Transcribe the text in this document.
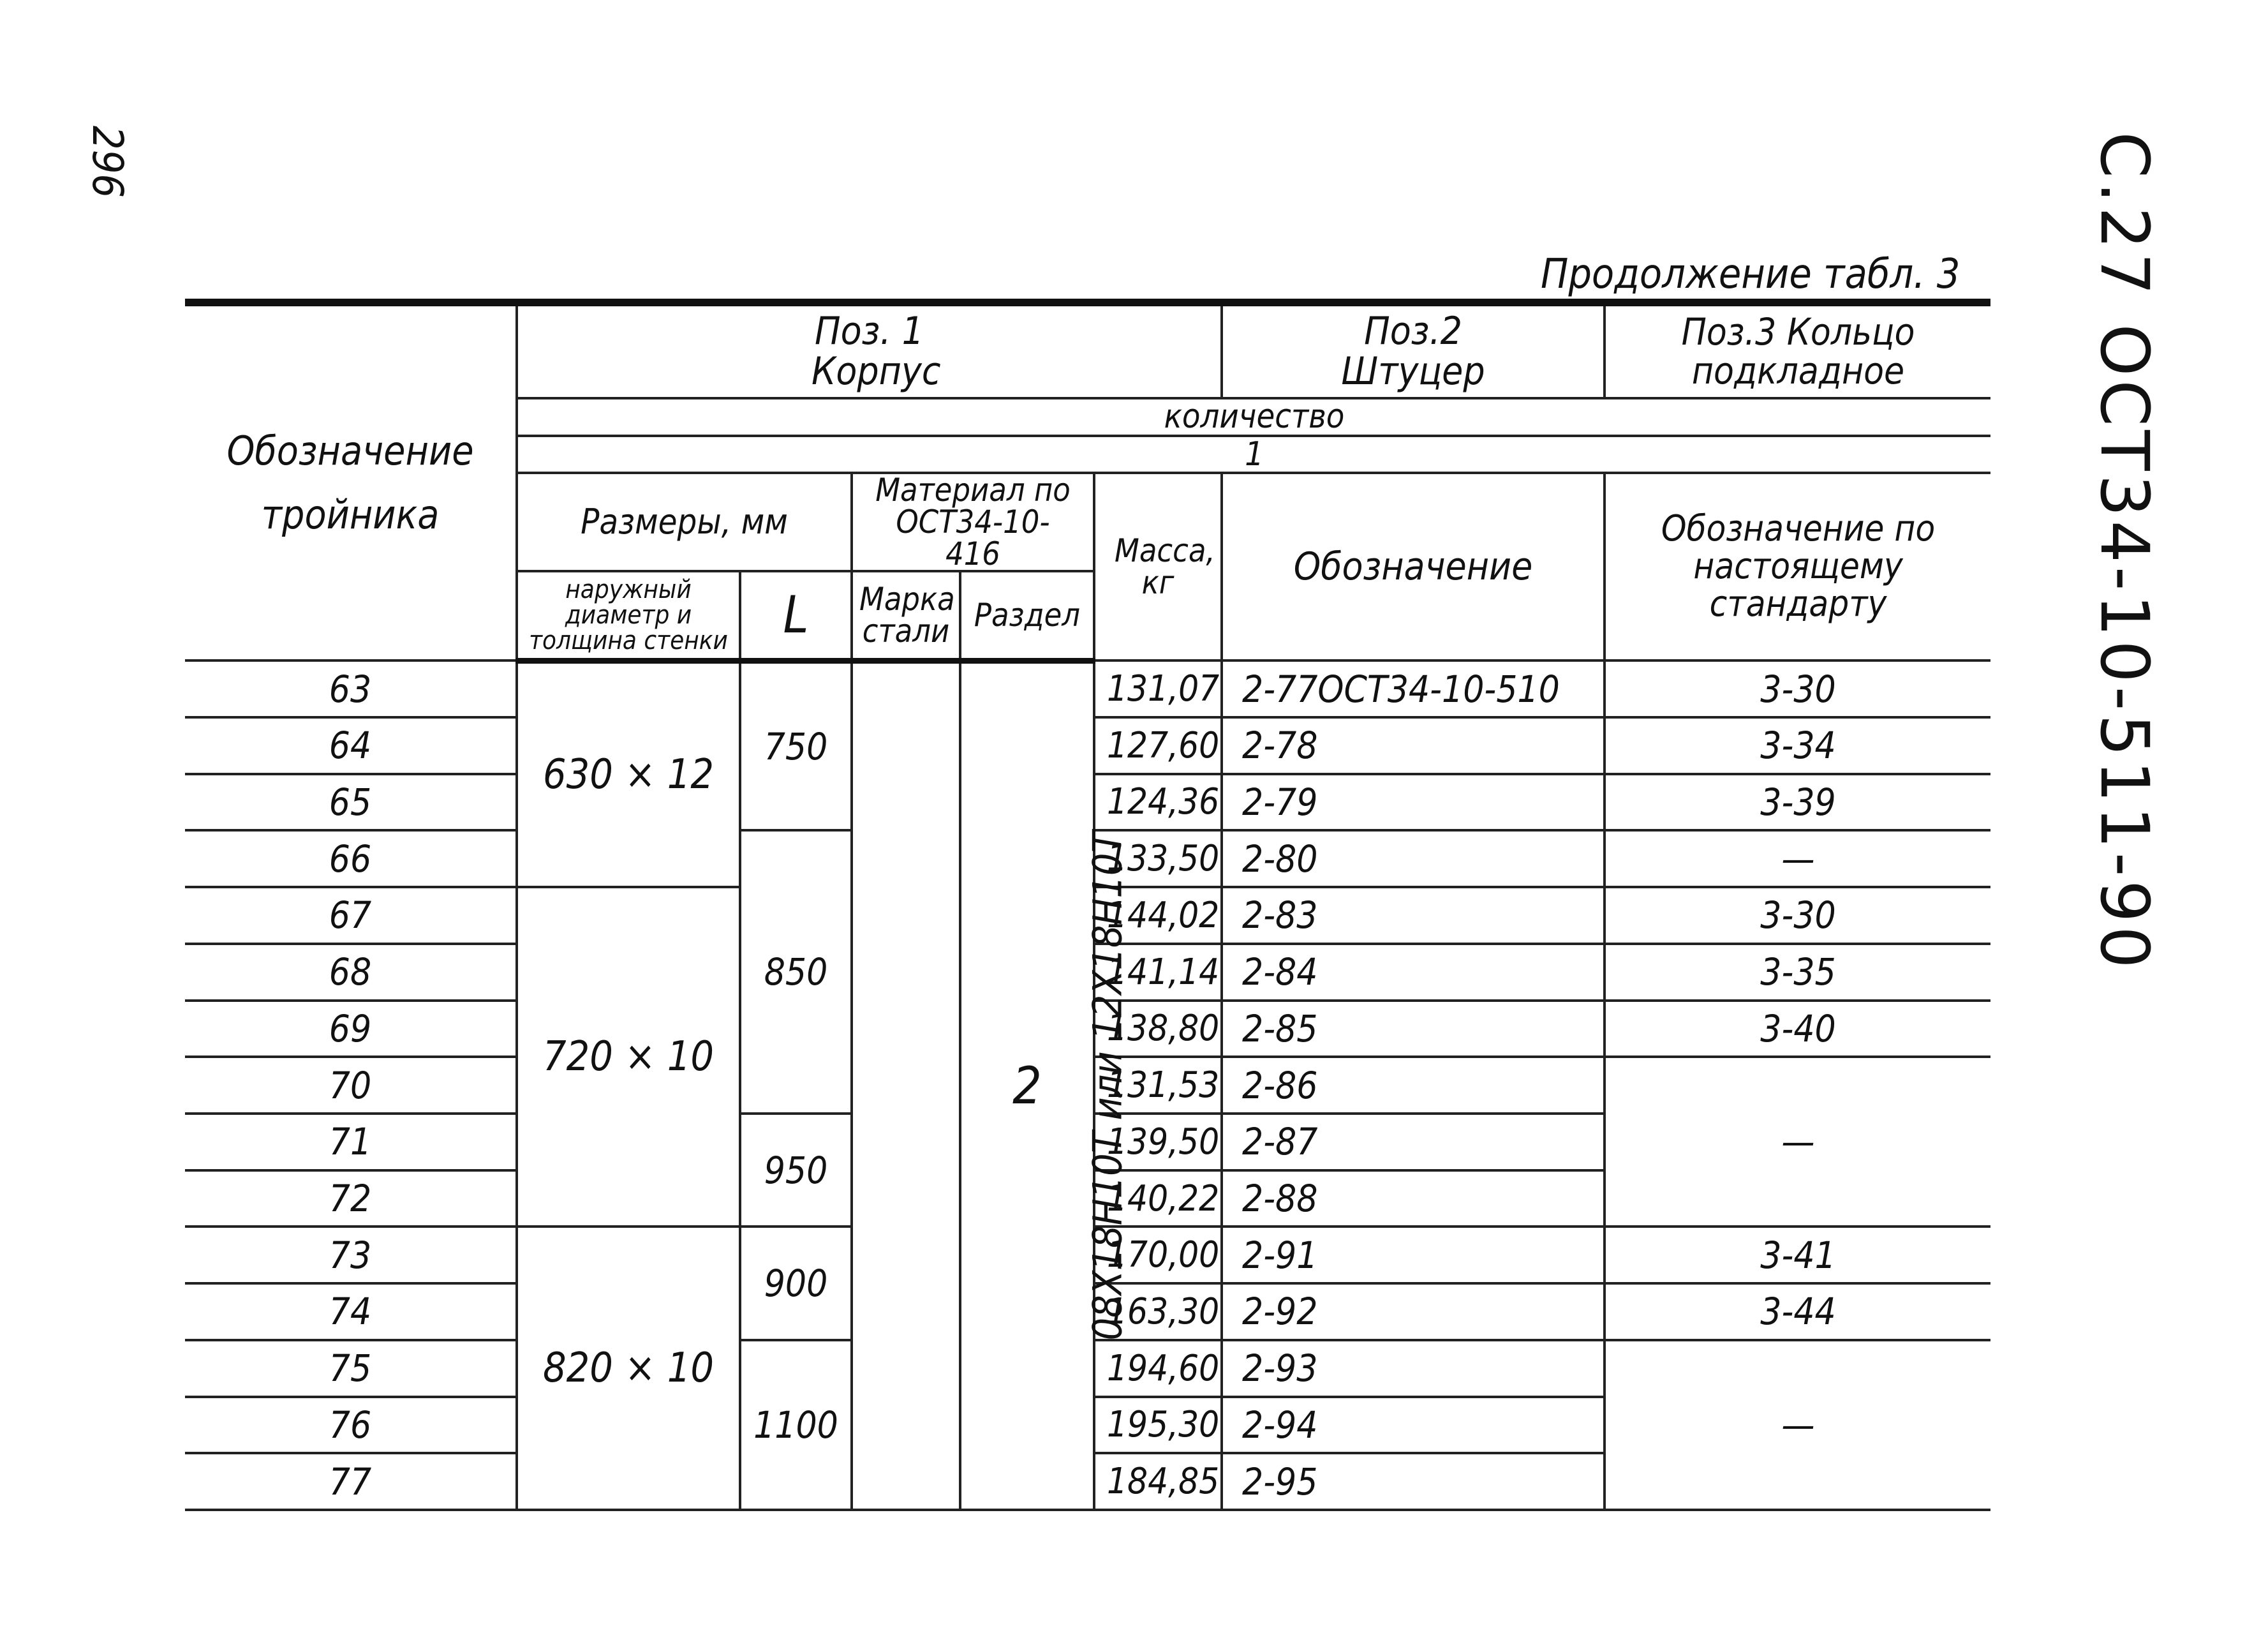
296
Продолжение табл. 3 С.27 ОСТ34-10-511-90
Обозначение тройника	Поз. 1 Корпус					Поз.2 Штуцер	Поз.3 Кольцо подкладное
	количество						
	1						
	Размеры, мм		Материал по ОСТ34-10-416		Масса, кг	Обозначение	Обозначение по настоящему стандарту
	наружный диаметр и толщина стенки	L	Марка стали	Раздел			
63	630 × 12	750	08Х18Н10Т или 12Х18Н10Т	2	131,07	2-77ОСТ34-10-510	3-30
64					127,60	2-78	3-34
65					124,36	2-79	3-39
66		850			133,50	2-80	—
67	720 × 10				144,02	2-83	3-30
68					141,14	2-84	3-35
69					138,80	2-85	3-40
70					131,53	2-86	—
71		950			139,50	2-87	
72					140,22	2-88	
73	820 × 10	900			170,00	2-91	3-41
74					163,30	2-92	3-44
75		1100			194,60	2-93	—
76					195,30	2-94	
77					184,85	2-95	
